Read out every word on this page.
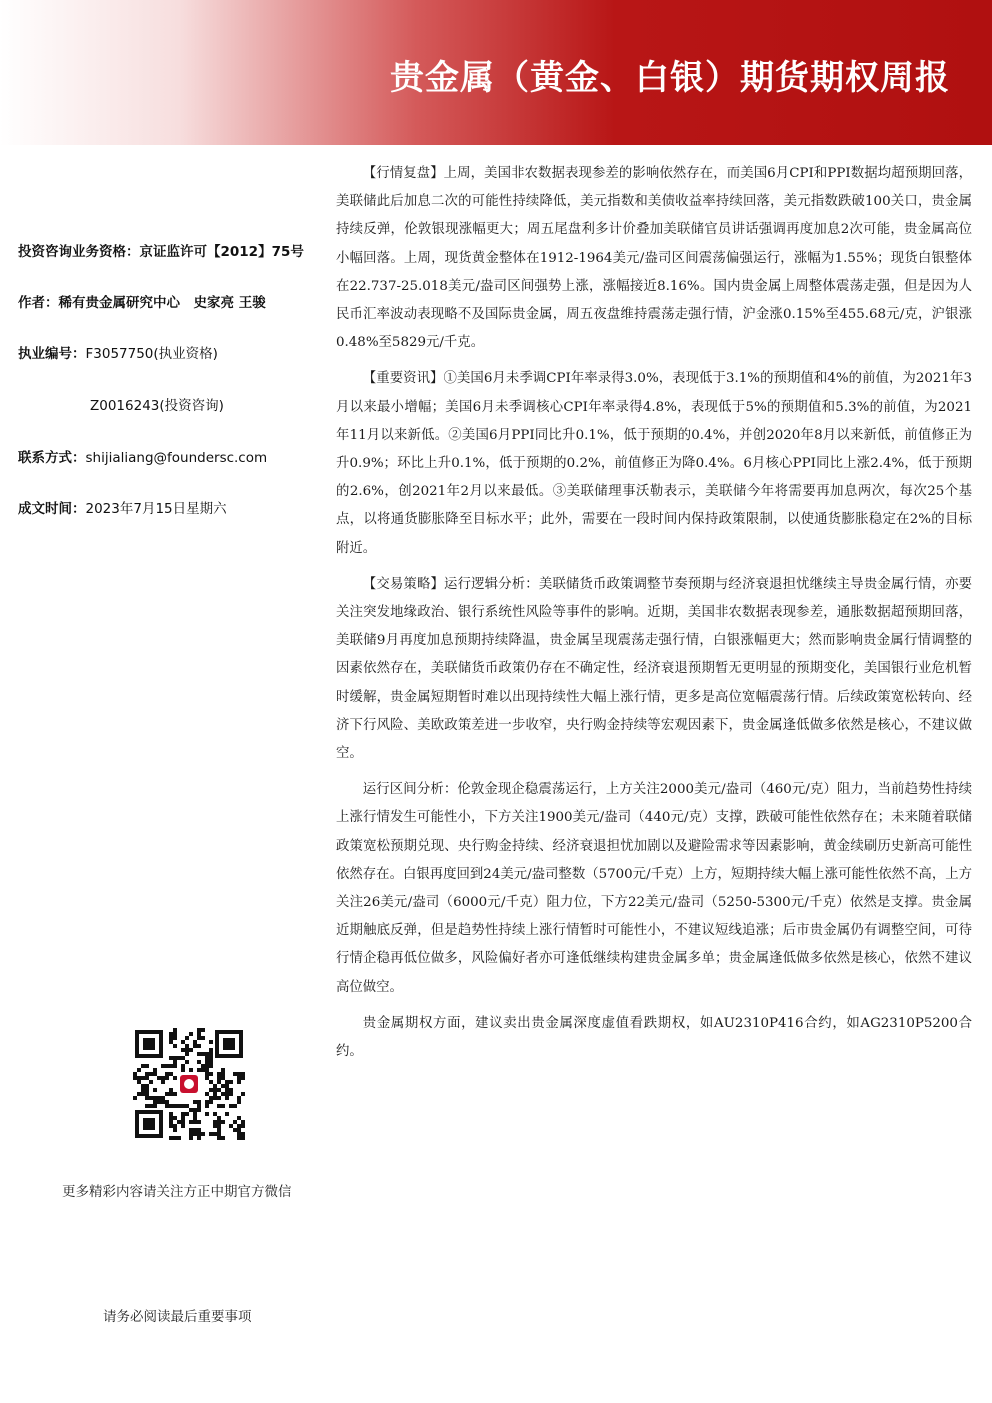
贵金属（黄金、白银）期货期权周报
投资咨询业务资格：京证监许可【2012】75号
作者：稀有贵金属研究中心　史家亮 王骏
执业编号：F3057750(执业资格)
Z0016243(投资咨询)
联系方式：shijialiang@foundersc.com
成文时间：2023年7月15日星期六
更多精彩内容请关注方正中期官方微信
请务必阅读最后重要事项

【行情复盘】上周，美国非农数据表现参差的影响依然存在，而美国6月CPI和PPI数据均超预期回落，美联储此后加息二次的可能性持续降低，美元指数和美债收益率持续回落，美元指数跌破100关口，贵金属持续反弹，伦敦银现涨幅更大；周五尾盘利多计价叠加美联储官员讲话强调再度加息2次可能，贵金属高位小幅回落。上周，现货黄金整体在1912-1964美元/盎司区间震荡偏强运行，涨幅为1.55%；现货白银整体在22.737-25.018美元/盎司区间强势上涨，涨幅接近8.16%。国内贵金属上周整体震荡走强，但是因为人民币汇率波动表现略不及国际贵金属，周五夜盘维持震荡走强行情，沪金涨0.15%至455.68元/克，沪银涨0.48%至5829元/千克。

【重要资讯】①美国6月未季调CPI年率录得3.0%，表现低于3.1%的预期值和4%的前值，为2021年3月以来最小增幅；美国6月未季调核心CPI年率录得4.8%，表现低于5%的预期值和5.3%的前值，为2021年11月以来新低。②美国6月PPI同比升0.1%，低于预期的0.4%，并创2020年8月以来新低，前值修正为升0.9%；环比上升0.1%，低于预期的0.2%，前值修正为降0.4%。6月核心PPI同比上涨2.4%，低于预期的2.6%，创2021年2月以来最低。③美联储理事沃勒表示，美联储今年将需要再加息两次，每次25个基点，以将通货膨胀降至目标水平；此外，需要在一段时间内保持政策限制，以使通货膨胀稳定在2%的目标附近。

【交易策略】运行逻辑分析：美联储货币政策调整节奏预期与经济衰退担忧继续主导贵金属行情，亦要关注突发地缘政治、银行系统性风险等事件的影响。近期，美国非农数据表现参差，通胀数据超预期回落，美联储9月再度加息预期持续降温，贵金属呈现震荡走强行情，白银涨幅更大；然而影响贵金属行情调整的因素依然存在，美联储货币政策仍存在不确定性，经济衰退预期暂无更明显的预期变化，美国银行业危机暂时缓解，贵金属短期暂时难以出现持续性大幅上涨行情，更多是高位宽幅震荡行情。后续政策宽松转向、经济下行风险、美欧政策差进一步收窄，央行购金持续等宏观因素下，贵金属逢低做多依然是核心，不建议做空。

运行区间分析：伦敦金现企稳震荡运行，上方关注2000美元/盎司（460元/克）阻力，当前趋势性持续上涨行情发生可能性小，下方关注1900美元/盎司（440元/克）支撑，跌破可能性依然存在；未来随着联储政策宽松预期兑现、央行购金持续、经济衰退担忧加剧以及避险需求等因素影响，黄金续刷历史新高可能性依然存在。白银再度回到24美元/盎司整数（5700元/千克）上方，短期持续大幅上涨可能性依然不高，上方关注26美元/盎司（6000元/千克）阻力位，下方22美元/盎司（5250-5300元/千克）依然是支撑。贵金属近期触底反弹，但是趋势性持续上涨行情暂时可能性小，不建议短线追涨；后市贵金属仍有调整空间，可待行情企稳再低位做多，风险偏好者亦可逢低继续构建贵金属多单；贵金属逢低做多依然是核心，依然不建议高位做空。

贵金属期权方面，建议卖出贵金属深度虚值看跌期权，如AU2310P416合约，如AG2310P5200合约。
